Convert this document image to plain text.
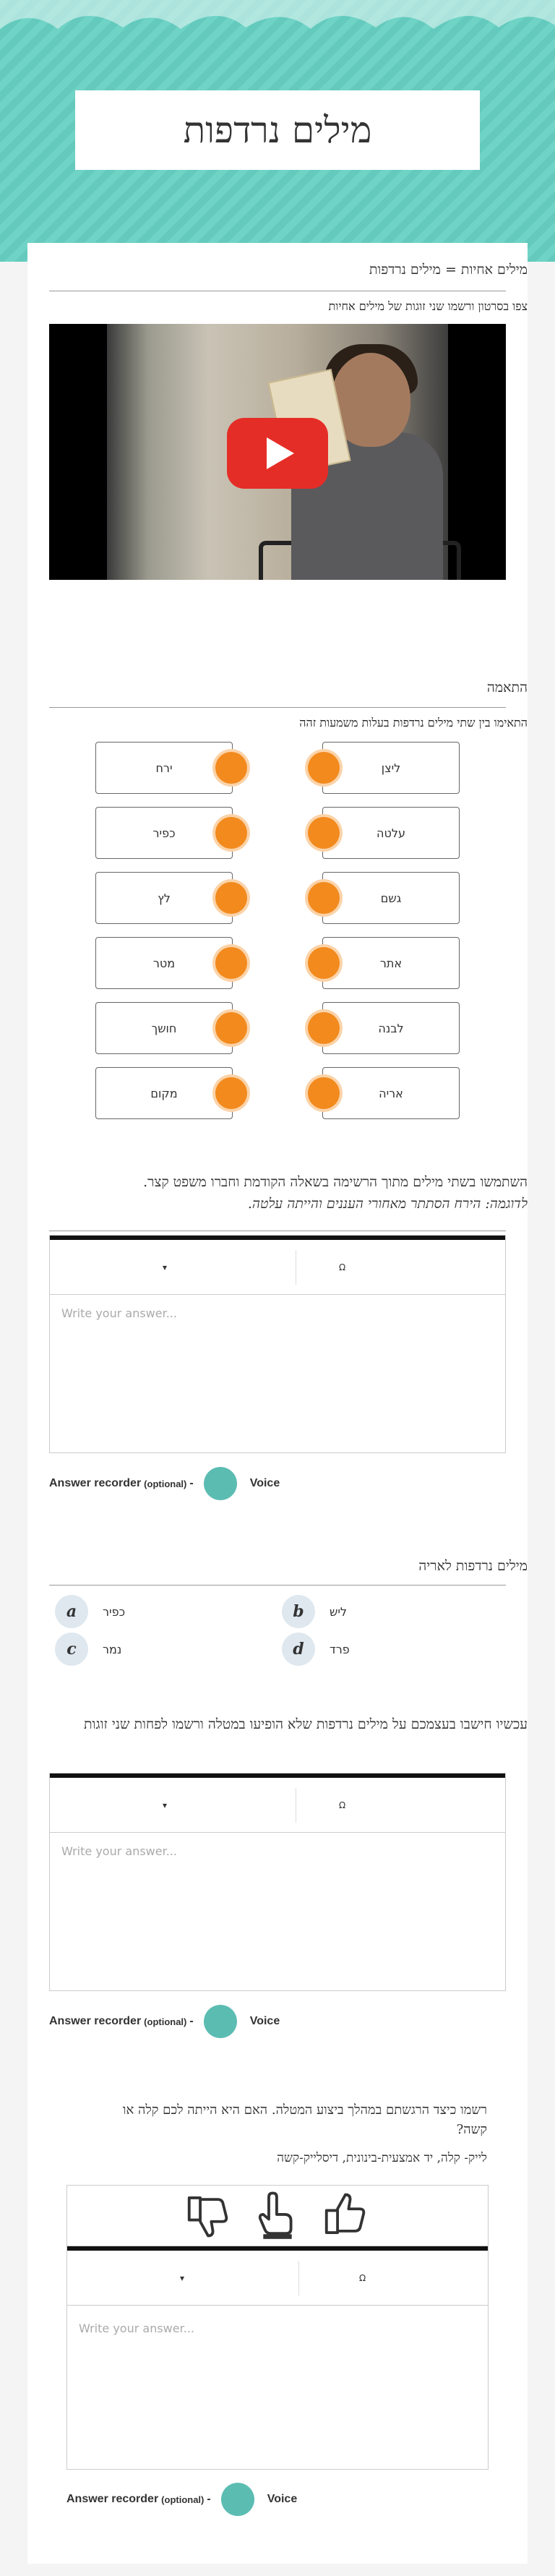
מילים נרדפות
מילים אחיות = מילים נרדפות
צפו בסרטון ורשמו שני זוגות של מילים אחיות
התאמה
התאימו בין שתי מילים נרדפות בעלות משמעות זהה
ירח
כפיר
לץ
מטר
חושך
מקום
ליצן
עלטה
גשם
אתר
לבנה
אריה
השתמשו בשתי מילים מתוך הרשימה בשאלה הקודמת וחברו משפט קצר.
לדוגמה: הירח הסתתר מאחורי העננים והייתה עלטה.
▾	Ω
Write your answer...
Answer recorder (optional) -	Voice
מילים נרדפות לאריה
a	כפיר	b	ליש
c	נמר	d	פרד
עכשיו חישבו בעצמכם על מילים נרדפות שלא הופיעו במטלה ורשמו לפחות שני זוגות
▾	Ω
Write your answer...
Answer recorder (optional) -	Voice
רשמו כיצד הרגשתם במהלך ביצוע המטלה. האם היא הייתה לכם קלה או קשה?
לייק- קלה, יד אמצעית-בינונית, דיסלייק-קשה
▾	Ω
Write your answer...
Answer recorder (optional) -	Voice
